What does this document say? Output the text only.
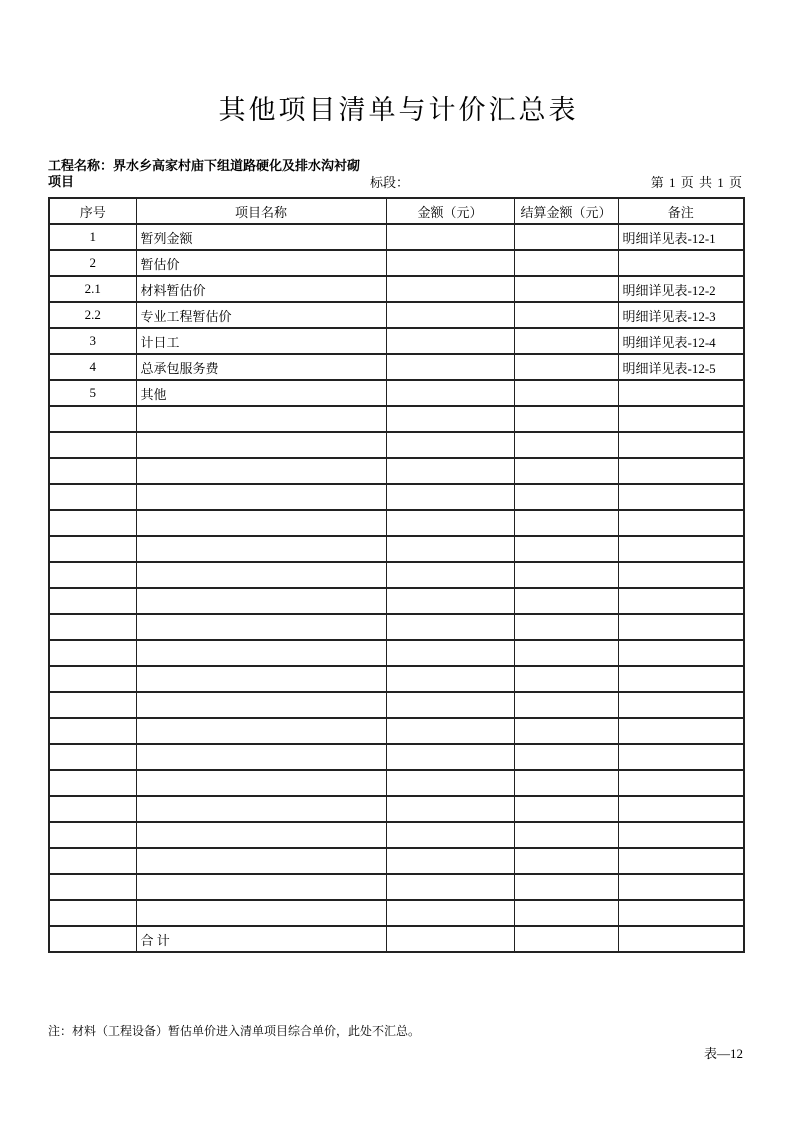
其他项目清单与计价汇总表
工程名称：界水乡高家村庙下组道路硬化及排水沟衬砌项目	标段：	第 1 页 共 1 页
序号	项目名称	金额（元）	结算金额（元）	备注
1	暂列金额			明细详见表-12-1
2	暂估价			
2.1	材料暂估价			明细详见表-12-2
2.2	专业工程暂估价			明细详见表-12-3
3	计日工			明细详见表-12-4
4	总承包服务费			明细详见表-12-5
5	其他			

	合 计			
注：材料（工程设备）暂估单价进入清单项目综合单价，此处不汇总。
表—12
